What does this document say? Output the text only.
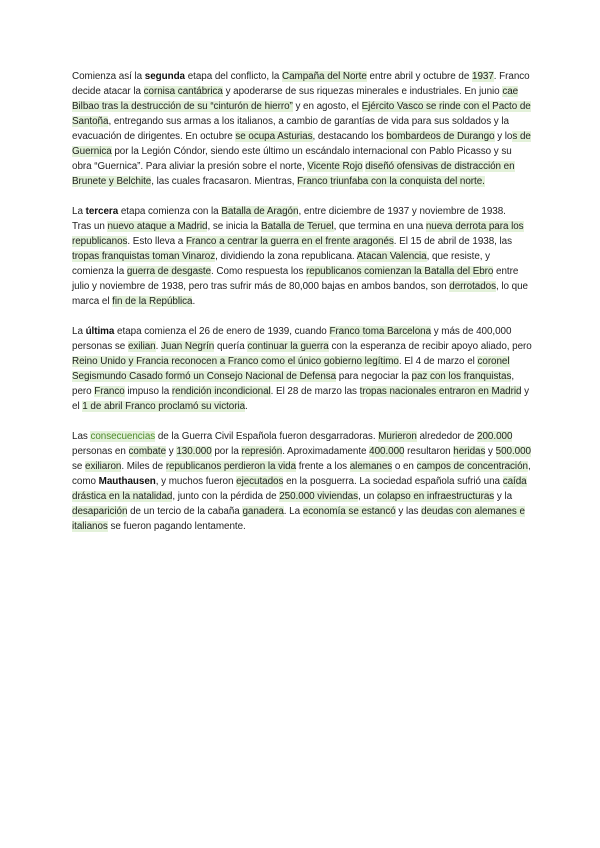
Comienza así la segunda etapa del conflicto, la Campaña del Norte entre abril y octubre de 1937. Franco decide atacar la cornisa cantábrica y apoderarse de sus riquezas minerales e industriales. En junio cae Bilbao tras la destrucción de su “cinturón de hierro” y en agosto, el Ejército Vasco se rinde con el Pacto de Santoña, entregando sus armas a los italianos, a cambio de garantías de vida para sus soldados y la evacuación de dirigentes. En octubre se ocupa Asturias, destacando los bombardeos de Durango y los de Guernica por la Legión Cóndor, siendo este último un escándalo internacional con Pablo Picasso y su obra “Guernica”. Para aliviar la presión sobre el norte, Vicente Rojo diseñó ofensivas de distracción en Brunete y Belchite, las cuales fracasaron. Mientras, Franco triunfaba con la conquista del norte.

La tercera etapa comienza con la Batalla de Aragón, entre diciembre de 1937 y noviembre de 1938.
Tras un nuevo ataque a Madrid, se inicia la Batalla de Teruel, que termina en una nueva derrota para los republicanos. Esto lleva a Franco a centrar la guerra en el frente aragonés. El 15 de abril de 1938, las tropas franquistas toman Vinaroz, dividiendo la zona republicana. Atacan Valencia, que resiste, y comienza la guerra de desgaste. Como respuesta los republicanos comienzan la Batalla del Ebro entre julio y noviembre de 1938, pero tras sufrir más de 80,000 bajas en ambos bandos, son derrotados, lo que marca el fin de la República.

La última etapa comienza el 26 de enero de 1939, cuando Franco toma Barcelona y más de 400,000 personas se exilian. Juan Negrín quería continuar la guerra con la esperanza de recibir apoyo aliado, pero Reino Unido y Francia reconocen a Franco como el único gobierno legítimo. El 4 de marzo el coronel Segismundo Casado formó un Consejo Nacional de Defensa para negociar la paz con los franquistas, pero Franco impuso la rendición incondicional. El 28 de marzo las tropas nacionales entraron en Madrid y el 1 de abril Franco proclamó su victoria.

Las consecuencias de la Guerra Civil Española fueron desgarradoras. Murieron alrededor de 200.000 personas en combate y 130.000 por la represión. Aproximadamente 400.000 resultaron heridas y 500.000 se exiliaron. Miles de republicanos perdieron la vida frente a los alemanes o en campos de concentración, como Mauthausen, y muchos fueron ejecutados en la posguerra. La sociedad española sufrió una caída drástica en la natalidad, junto con la pérdida de 250.000 viviendas, un colapso en infraestructuras y la desaparición de un tercio de la cabaña ganadera. La economía se estancó y las deudas con alemanes e italianos se fueron pagando lentamente.
